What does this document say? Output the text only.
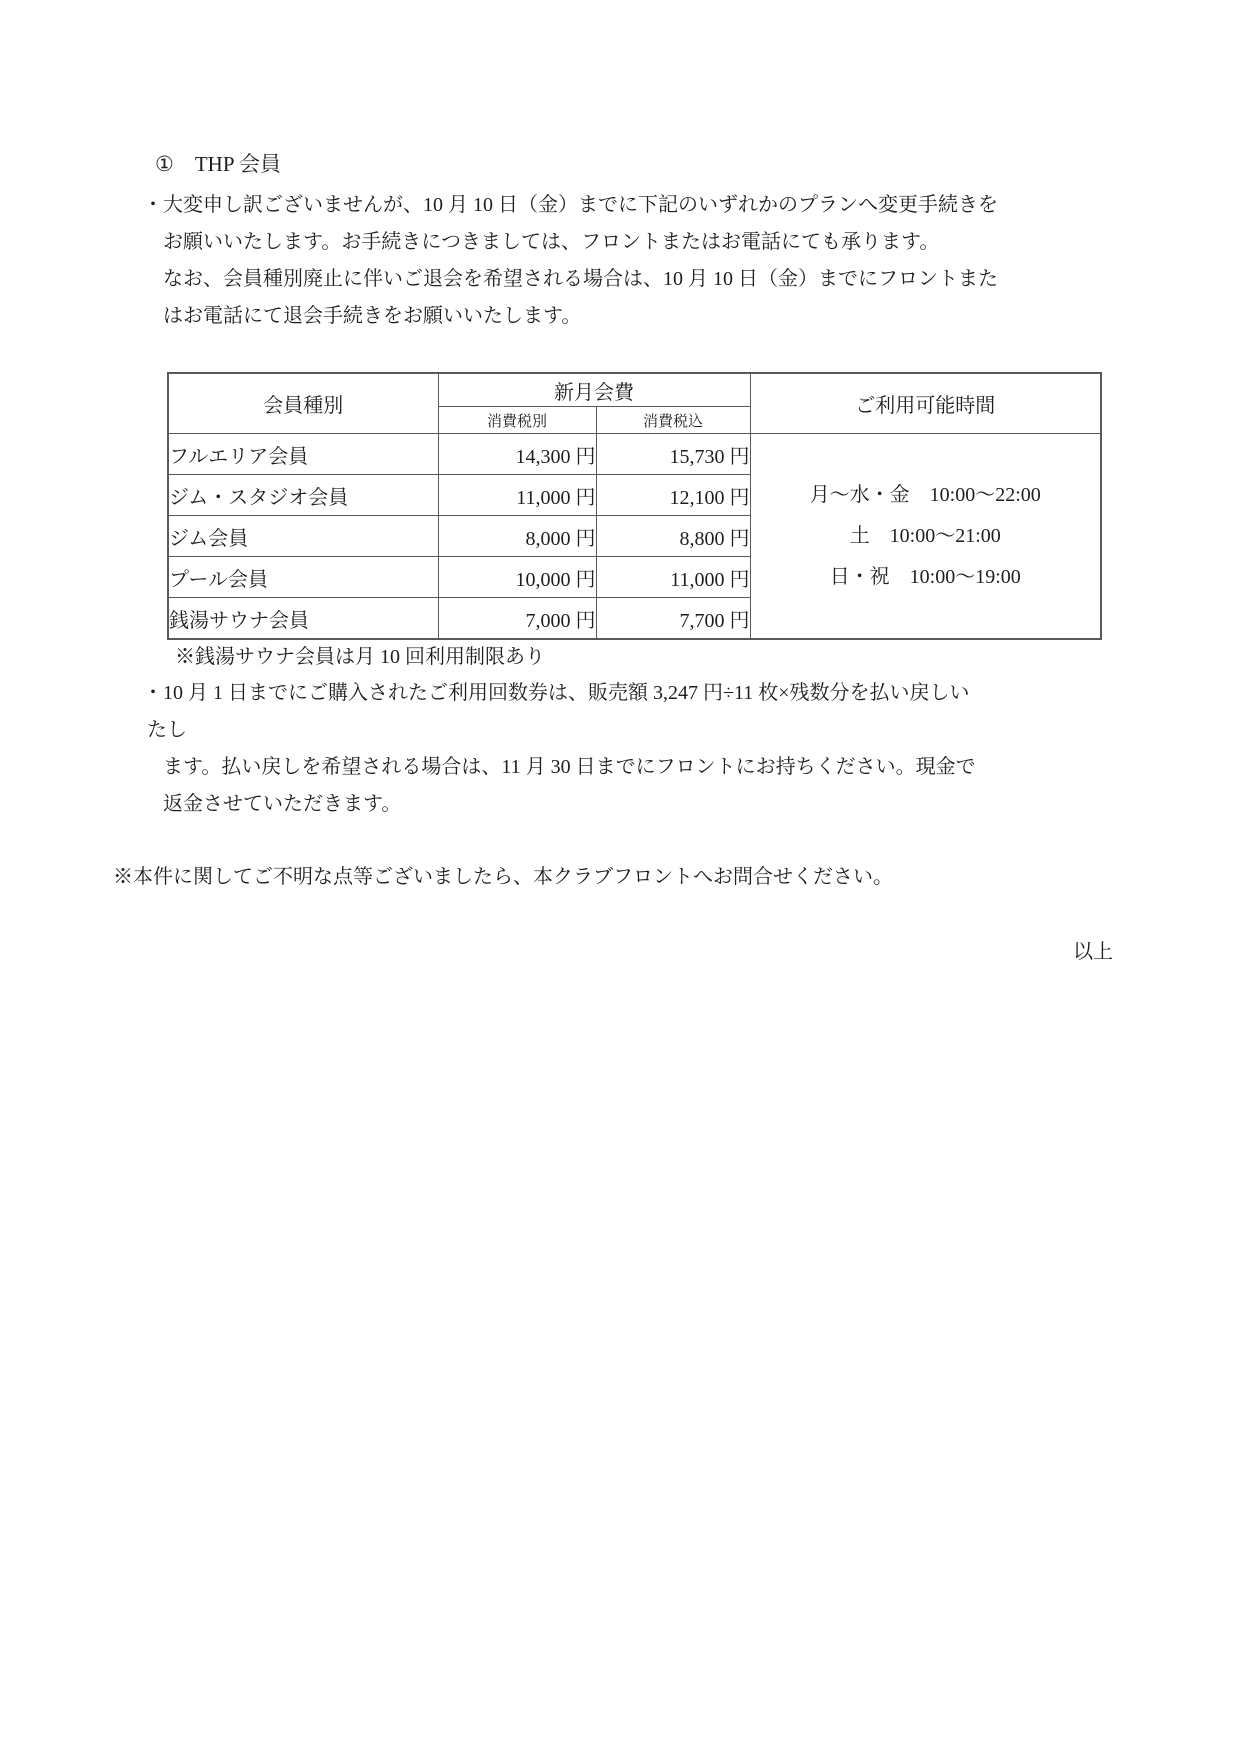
①　THP 会員
・大変申し訳ございませんが、10 月 10 日（金）までに下記のいずれかのプランへ変更手続きを
お願いいたします。お手続きにつきましては、フロントまたはお電話にても承ります。
なお、会員種別廃止に伴いご退会を希望される場合は、10 月 10 日（金）までにフロントまた
はお電話にて退会手続きをお願いいたします。
会員種別	新月会費		ご利用可能時間
	消費税別	消費税込	
フルエリア会員	14,300 円	15,730 円	月～水・金　10:00～22:00
土　10:00～21:00
日・祝　10:00～19:00

ジム・スタジオ会員	11,000 円	12,100 円	
ジム会員	8,000 円	8,800 円	
プール会員	10,000 円	11,000 円	
銭湯サウナ会員	7,000 円	7,700 円	
※銭湯サウナ会員は月 10 回利用制限あり
・10 月 1 日までにご購入されたご利用回数券は、販売額 3,247 円÷11 枚×残数分を払い戻しい
たし
ます。払い戻しを希望される場合は、11 月 30 日までにフロントにお持ちください。現金で
返金させていただきます。
※本件に関してご不明な点等ございましたら、本クラブフロントへお問合せください。
以上
